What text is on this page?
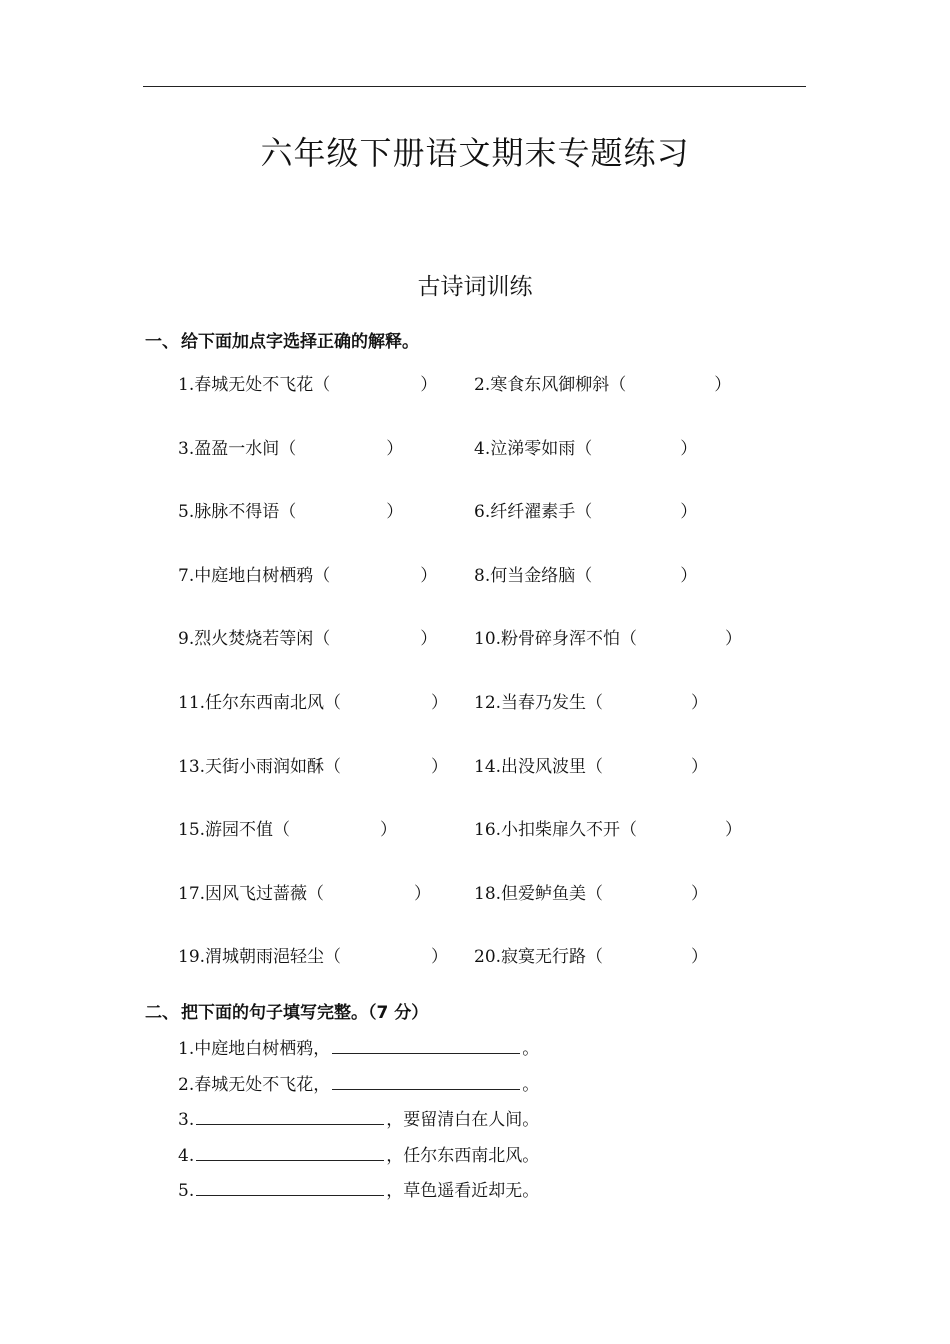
六年级下册语文期末专题练习
古诗词训练
一、 给下面加点字选择正确的解释。
1.春城无处不飞花（	） 2.寒食东风御柳斜（	）
3.盈盈一水间（	）	4.泣涕零如雨（	）
5.脉脉不得语（	）	6.纤纤濯素手（	）
7.中庭地白树栖鸦（	） 8.何当金络脑（	）
9.烈火焚烧若等闲（	） 10.粉骨碎身浑不怕（	）
11.任尔东西南北风（	） 12.当春乃发生（	）
13.天街小雨润如酥（	） 14.出没风波里（	）
15.游园不值（	）	16.小扣柴扉久不开（	）
17.因风飞过蔷薇（	）	18.但爱鲈鱼美（	）
19.渭城朝雨浥轻尘（	） 20.寂寞无行路（	）
二、 把下面的句子填写完整。（7 分）
1.中庭地白树栖鸦，	。
2.春城无处不飞花，	。
3.	，要留清白在人间。
4.	，任尔东西南北风。
5.	，草色遥看近却无。
